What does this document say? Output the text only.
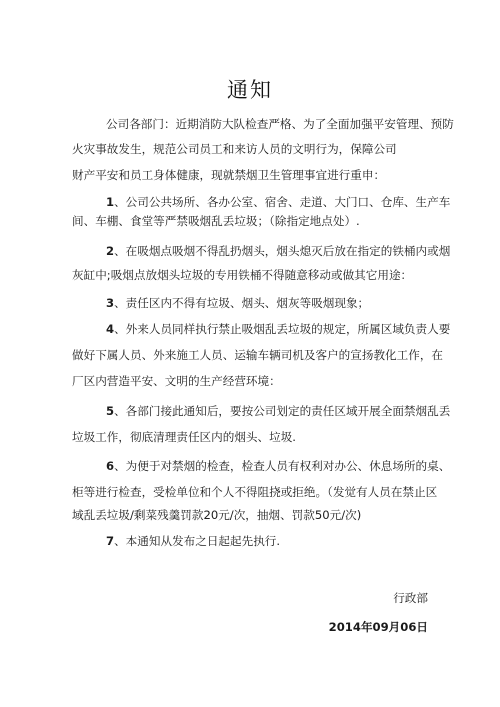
通知
公司各部门：近期消防大队检查严格、为了全面加强平安管理、预防
火灾事故发生，规范公司员工和来访人员的文明行为，保障公司
财产平安和员工身体健康，现就禁烟卫生管理事宜进行重申：
1、公司公共场所、各办公室、宿舍、走道、大门口、仓库、生产车
间、车棚、食堂等严禁吸烟乱丢垃圾；（除指定地点处）.
2、在吸烟点吸烟不得乱扔烟头，烟头熄灭后放在指定的铁桶内或烟
灰缸中;吸烟点放烟头垃圾的专用铁桶不得随意移动或做其它用途：
3、责任区内不得有垃圾、烟头、烟灰等吸烟现象；
4、外来人员同样执行禁止吸烟乱丢垃圾的规定，所属区域负责人要
做好下属人员、外来施工人员、运输车辆司机及客户的宣扬教化工作，在
厂区内营造平安、文明的生产经营环境：
5、各部门接此通知后，要按公司划定的责任区域开展全面禁烟乱丢
垃圾工作，彻底清理责任区内的烟头、垃圾.
6、为便于对禁烟的检查，检查人员有权利对办公、休息场所的桌、
柜等进行检查，受检单位和个人不得阻挠或拒绝。（发觉有人员在禁止区
域乱丢垃圾/剩菜残羹罚款20元/次，抽烟、罚款50元/次)
7、本通知从发布之日起起先执行.
行政部
2014年09月06日
